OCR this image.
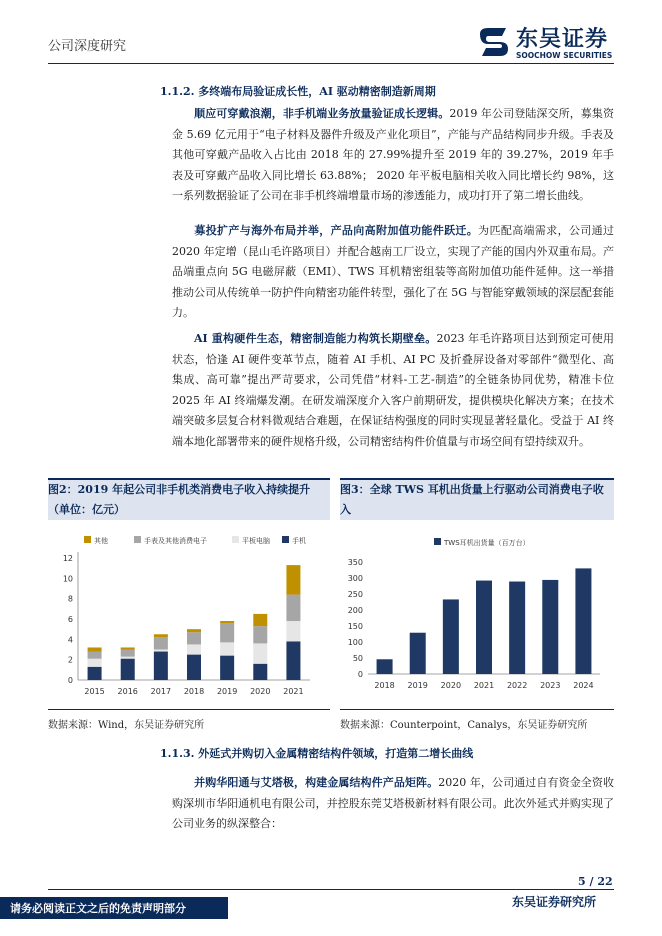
公司深度研究	东吴证券
SOOCHOW SECURITIES
1.1.2. 多终端布局验证成长性，AI 驱动精密制造新周期
顺应可穿戴浪潮，非手机端业务放量验证成长逻辑。2019 年公司登陆深交所，募集资金 5.69 亿元用于“电子材料及器件升级及产业化项目”，产能与产品结构同步升级。手表及其他可穿戴产品收入占比由 2018 年的 27.99%提升至 2019 年的 39.27%，2019 年手表及可穿戴产品收入同比增长 63.88%； 2020 年平板电脑相关收入同比增长约 98%，这一系列数据验证了公司在非手机终端增量市场的渗透能力，成功打开了第二增长曲线。
募投扩产与海外布局并举，产品向高附加值功能件跃迁。为匹配高端需求，公司通过 2020 年定增（昆山毛许路项目）并配合越南工厂设立，实现了产能的国内外双重布局。产品端重点向 5G 电磁屏蔽（EMI）、TWS 耳机精密组装等高附加值功能件延伸。这一举措推动公司从传统单一防护件向精密功能件转型，强化了在 5G 与智能穿戴领域的深层配套能力。
AI 重构硬件生态，精密制造能力构筑长期壁垒。2023 年毛许路项目达到预定可使用状态，恰逢 AI 硬件变革节点，随着 AI 手机、AI PC 及折叠屏设备对零部件“微型化、高集成、高可靠”提出严苛要求，公司凭借“材料-工艺-制造”的全链条协同优势，精准卡位 2025 年 AI 终端爆发潮。在研发端深度介入客户前期研发，提供模块化解决方案；在技术端突破多层复合材料微观结合难题，在保证结构强度的同时实现显著轻量化。受益于 AI 终端本地化部署带来的硬件规格升级，公司精密结构件价值量与市场空间有望持续双升。
图2：2019 年起公司非手机类消费电子收入持续提升（单位：亿元）
图3：全球 TWS 耳机出货量上行驱动公司消费电子收入
其他	手表及其他消费电子	平板电脑	手机
0
2
4
6
8
10
12
2015 2016 2017 2018 2019 2020 2021
TWS耳机出货量（百万台）
0
50
100
150
200
250
300
350
2018 2019 2020 2021 2022 2023 2024
数据来源：Wind，东吴证券研究所	数据来源：Counterpoint，Canalys，东吴证券研究所
1.1.3. 外延式并购切入金属精密结构件领域，打造第二增长曲线
并购华阳通与艾塔极，构建金属结构件产品矩阵。2020 年，公司通过自有资金全资收购深圳市华阳通机电有限公司，并控股东莞艾塔极新材料有限公司。此次外延式并购实现了公司业务的纵深整合：
5 / 22
东吴证券研究所
请务必阅读正文之后的免责声明部分
